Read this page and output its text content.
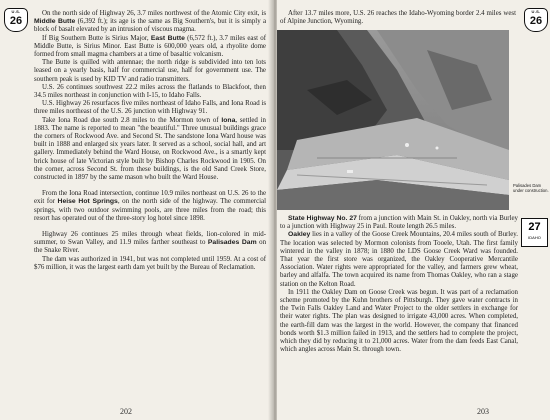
U.S.
26

On the north side of Highway 26, 3.7 miles northwest of the Atomic City exit, is Middle Butte (6,392 ft.); its age is the same as Big Southern's, but it is simply a block of basalt elevated by an intrusion of viscous magma.

If Big Southern Butte is Sirius Major, East Butte (6,572 ft.), 3.7 miles east of Middle Butte, is Sirius Minor. East Butte is 600,000 years old, a rhyolite dome formed from small magma chambers at a time of basaltic volcanism.

The Butte is quilled with antennae; the north ridge is subdivided into ten lots leased on a yearly basis, half for commercial use, half for government use. The southern peak is used by KID TV and radio transmitters.

U.S. 26 continues southwest 22.2 miles across the flatlands to Blackfoot, then 34.5 miles northeast in conjunction with I-15, to Idaho Falls.

U.S. Highway 26 resurfaces five miles northeast of Idaho Falls, and Iona Road is three miles northeast of the U.S. 26 junction with Highway 91.

Take Iona Road due south 2.8 miles to the Mormon town of Iona, settled in 1883. The name is reported to mean "the beautiful." Three unusual buildings grace the corners of Rockwood Ave. and Second St. The sandstone Iona Ward house was built in 1888 and enlarged six years later. It served as a school, social hall, and art gallery. Immediately behind the Ward House, on Rockwood Ave., is a smartly kept brick house of late Victorian style built by Bishop Charles Rockwood in 1905. On the corner, across Second St. from these buildings, is the old Sand Creek Store, constructed in 1897 by the same mason who built the Ward House.

From the Iona Road intersection, continue 10.9 miles northeast on U.S. 26 to the exit for Heise Hot Springs, on the north side of the highway. The commercial springs, with two outdoor swimming pools, are three miles from the road; this resort has operated out of the three-story log hotel since 1898.

Highway 26 continues 25 miles through wheat fields, lion-colored in mid-summer, to Swan Valley, and 11.9 miles farther southeast to Palisades Dam on the Snake River.

The dam was authorized in 1941, but was not completed until 1959. At a cost of $76 million, it was the largest earth dam yet built by the Bureau of Reclamation.

202
U.S.
26

After 13.7 miles more, U.S. 26 reaches the Idaho-Wyoming border 2.4 miles west of Alpine Junction, Wyoming.

Palisades Dam under construction.
27
IDAHO

State Highway No. 27 from a junction with Main St. in Oakley, north via Burley to a junction with Highway 25 in Paul. Route length 26.5 miles.

Oakley lies in a valley of the Goose Creek Mountains, 20.4 miles south of Burley. The location was selected by Mormon colonists from Tooele, Utah. The first family wintered in the valley in 1878; in 1880 the LDS Goose Creek Ward was founded. That year the first store was organized, the Oakley Cooperative Mercantile Association. Water rights were appropriated for the valley, and farmers grew wheat, barley and alfalfa. The town acquired its name from Thomas Oakley, who ran a stage station on the Kelton Road.

In 1911 the Oakley Dam on Goose Creek was begun. It was part of a reclamation scheme promoted by the Kuhn brothers of Pittsburgh. They gave water contracts in the Twin Falls Oakley Land and Water Project to the older settlers in exchange for their water rights. The plan was designed to irrigate 43,000 acres. When completed, the earth-fill dam was the largest in the world. However, the company that financed bonds worth $1.3 million failed in 1913, and the settlers had to complete the project, which they did by reducing it to 21,000 acres. Water from the dam feeds East Canal, which angles across Main St. through town.

203
